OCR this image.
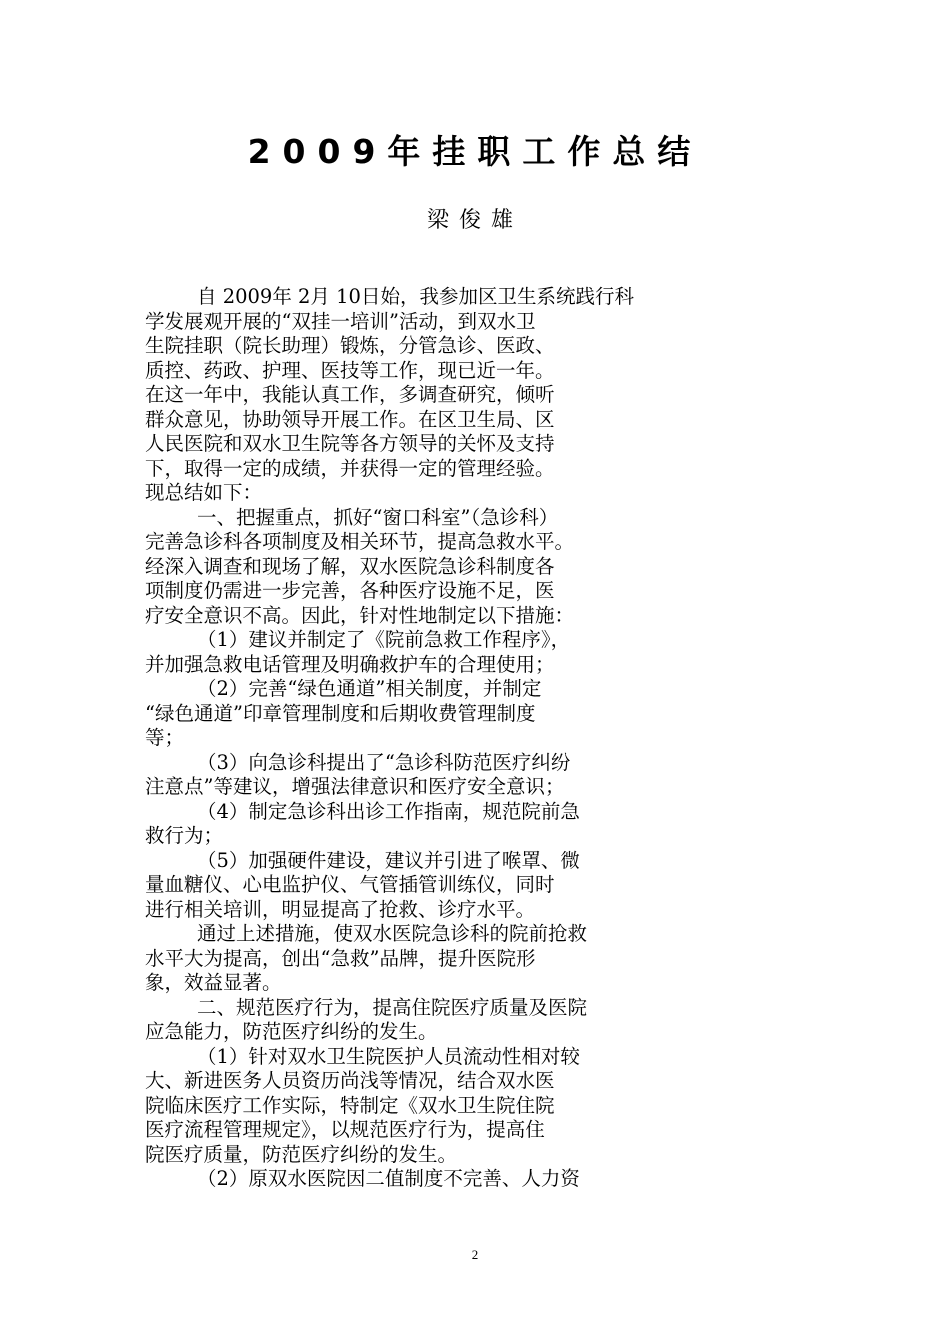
2009年挂职工作总结
梁俊雄
自 2009年 2月 10日始，我参加区卫生系统践行科
学发展观开展的“双挂一培训”活动，到双水卫
生院挂职（院长助理）锻炼，分管急诊、医政、
质控、药政、护理、医技等工作，现已近一年。
在这一年中，我能认真工作，多调查研究，倾听
群众意见，协助领导开展工作。在区卫生局、区
人民医院和双水卫生院等各方领导的关怀及支持
下，取得一定的成绩，并获得一定的管理经验。
现总结如下：
一、把握重点，抓好“窗口科室”（急诊科）
完善急诊科各项制度及相关环节，提高急救水平。
经深入调查和现场了解，双水医院急诊科制度各
项制度仍需进一步完善，各种医疗设施不足，医
疗安全意识不高。因此，针对性地制定以下措施：
（1）建议并制定了《院前急救工作程序》，
并加强急救电话管理及明确救护车的合理使用；
（2）完善“绿色通道”相关制度，并制定
“绿色通道”印章管理制度和后期收费管理制度
等；
（3）向急诊科提出了“急诊科防范医疗纠纷
注意点”等建议，增强法律意识和医疗安全意识；
（4）制定急诊科出诊工作指南，规范院前急
救行为；
（5）加强硬件建设，建议并引进了喉罩、微
量血糖仪、心电监护仪、气管插管训练仪，同时
进行相关培训，明显提高了抢救、诊疗水平。
通过上述措施，使双水医院急诊科的院前抢救
水平大为提高，创出“急救”品牌，提升医院形
象，效益显著。
二、规范医疗行为，提高住院医疗质量及医院
应急能力，防范医疗纠纷的发生。
（1）针对双水卫生院医护人员流动性相对较
大、新进医务人员资历尚浅等情况，结合双水医
院临床医疗工作实际，特制定《双水卫生院住院
医疗流程管理规定》，以规范医疗行为，提高住
院医疗质量，防范医疗纠纷的发生。
（2）原双水医院因二值制度不完善、人力资
2
